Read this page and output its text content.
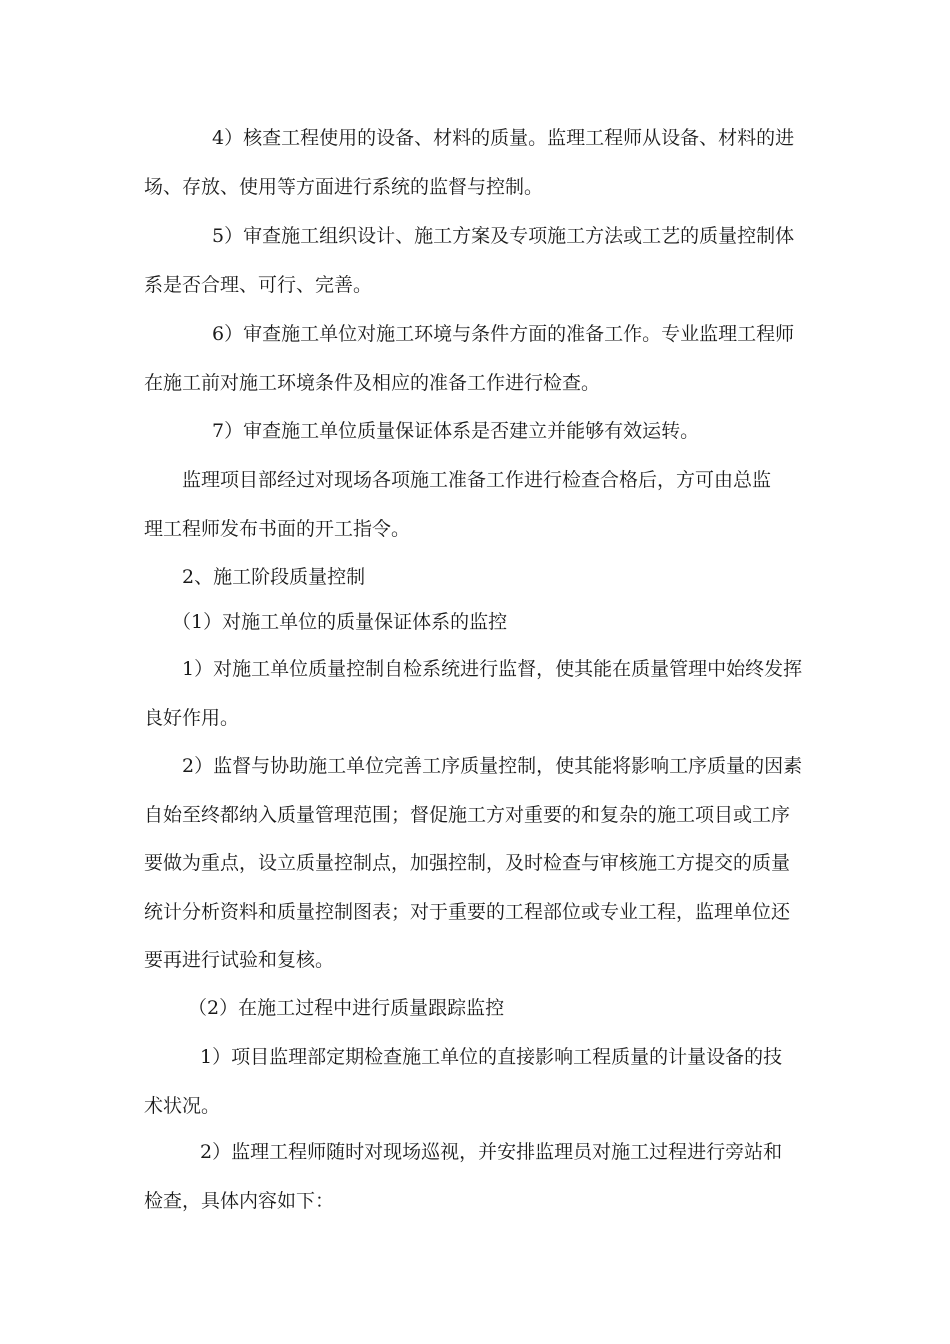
4）核查工程使用的设备、材料的质量。监理工程师从设备、材料的进

场、存放、使用等方面进行系统的监督与控制。

5）审查施工组织设计、施工方案及专项施工方法或工艺的质量控制体

系是否合理、可行、完善。

6）审查施工单位对施工环境与条件方面的准备工作。专业监理工程师

在施工前对施工环境条件及相应的准备工作进行检查。

7）审查施工单位质量保证体系是否建立并能够有效运转。

监理项目部经过对现场各项施工准备工作进行检查合格后，方可由总监

理工程师发布书面的开工指令。

2、施工阶段质量控制

（1）对施工单位的质量保证体系的监控

1）对施工单位质量控制自检系统进行监督，使其能在质量管理中始终发挥

良好作用。

2）监督与协助施工单位完善工序质量控制，使其能将影响工序质量的因素

自始至终都纳入质量管理范围；督促施工方对重要的和复杂的施工项目或工序

要做为重点，设立质量控制点，加强控制，及时检查与审核施工方提交的质量

统计分析资料和质量控制图表；对于重要的工程部位或专业工程，监理单位还

要再进行试验和复核。

（2）在施工过程中进行质量跟踪监控

1）项目监理部定期检查施工单位的直接影响工程质量的计量设备的技

术状况。

2）监理工程师随时对现场巡视，并安排监理员对施工过程进行旁站和

检查，具体内容如下：
